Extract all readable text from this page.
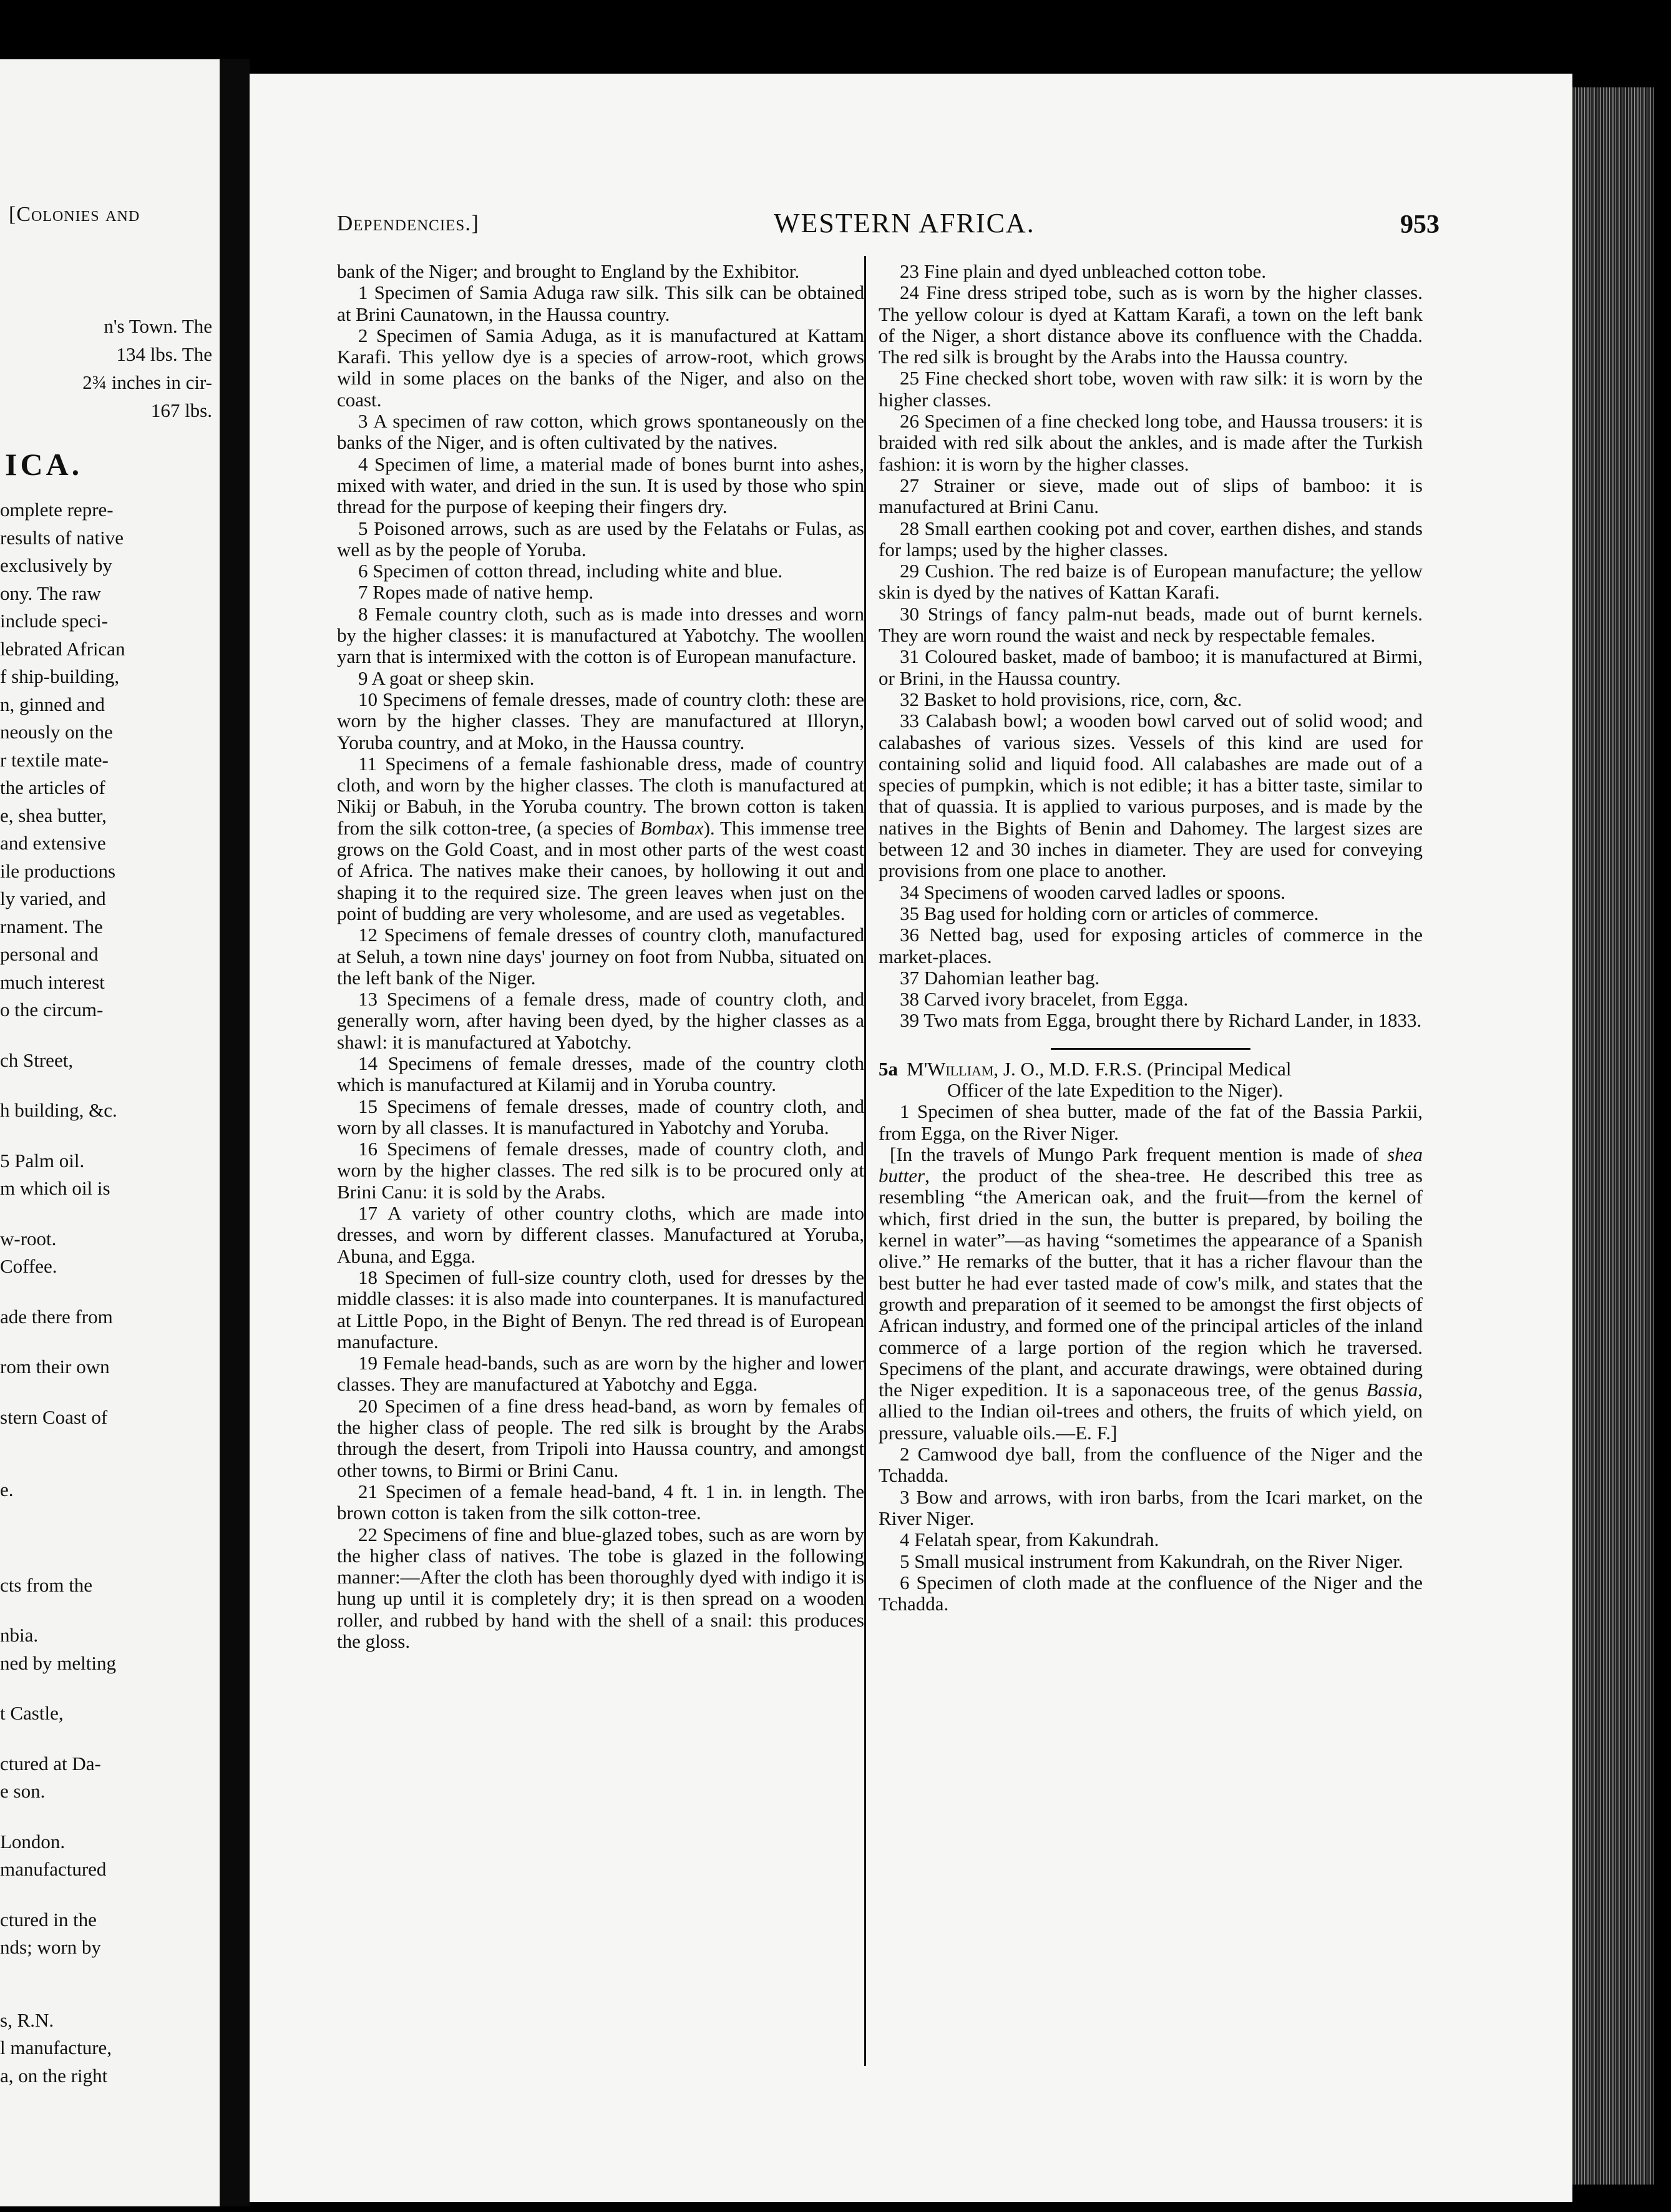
[Colonies and
n's Town. The
134 lbs. The
2¾ inches in cir-
167 lbs.
ICA.
omplete repre-
results of native
exclusively by
ony. The raw
include speci-
lebrated African
f ship-building,
n, ginned and
neously on the
r textile mate-
the articles of
e, shea butter,
and extensive
ile productions
ly varied, and
rnament. The
personal and
much interest
o the circum-
ch Street,
h building, &c.
5 Palm oil.
m which oil is
w-root.
Coffee.
ade there from
rom their own
stern Coast of
e.
cts from the
nbia.
ned by melting
t Castle,
ctured at Da-
e son.
London.
manufactured
ctured in the
nds; worn by
s, R.N.
l manufacture,
a, on the right
Dependencies.]	WESTERN AFRICA.	953

bank of the Niger; and brought to England by the Exhibitor.

1 Specimen of Samia Aduga raw silk. This silk can be obtained at Brini Caunatown, in the Haussa country.

2 Specimen of Samia Aduga, as it is manufactured at Kattam Karafi. This yellow dye is a species of arrow-root, which grows wild in some places on the banks of the Niger, and also on the coast.

3 A specimen of raw cotton, which grows spontaneously on the banks of the Niger, and is often cultivated by the natives.

4 Specimen of lime, a material made of bones burnt into ashes, mixed with water, and dried in the sun. It is used by those who spin thread for the purpose of keeping their fingers dry.

5 Poisoned arrows, such as are used by the Felatahs or Fulas, as well as by the people of Yoruba.

6 Specimen of cotton thread, including white and blue.

7 Ropes made of native hemp.

8 Female country cloth, such as is made into dresses and worn by the higher classes: it is manufactured at Yabotchy. The woollen yarn that is intermixed with the cotton is of European manufacture.

9 A goat or sheep skin.

10 Specimens of female dresses, made of country cloth: these are worn by the higher classes. They are manufactured at Illoryn, Yoruba country, and at Moko, in the Haussa country.

11 Specimens of a female fashionable dress, made of country cloth, and worn by the higher classes. The cloth is manufactured at Nikij or Babuh, in the Yoruba country. The brown cotton is taken from the silk cotton-tree, (a species of Bombax). This immense tree grows on the Gold Coast, and in most other parts of the west coast of Africa. The natives make their canoes, by hollowing it out and shaping it to the required size. The green leaves when just on the point of budding are very wholesome, and are used as vegetables.

12 Specimens of female dresses of country cloth, manufactured at Seluh, a town nine days' journey on foot from Nubba, situated on the left bank of the Niger.

13 Specimens of a female dress, made of country cloth, and generally worn, after having been dyed, by the higher classes as a shawl: it is manufactured at Yabotchy.

14 Specimens of female dresses, made of the country cloth which is manufactured at Kilamij and in Yoruba country.

15 Specimens of female dresses, made of country cloth, and worn by all classes. It is manufactured in Yabotchy and Yoruba.

16 Specimens of female dresses, made of country cloth, and worn by the higher classes. The red silk is to be procured only at Brini Canu: it is sold by the Arabs.

17 A variety of other country cloths, which are made into dresses, and worn by different classes. Manufactured at Yoruba, Abuna, and Egga.

18 Specimen of full-size country cloth, used for dresses by the middle classes: it is also made into counterpanes. It is manufactured at Little Popo, in the Bight of Benyn. The red thread is of European manufacture.

19 Female head-bands, such as are worn by the higher and lower classes. They are manufactured at Yabotchy and Egga.

20 Specimen of a fine dress head-band, as worn by females of the higher class of people. The red silk is brought by the Arabs through the desert, from Tripoli into Haussa country, and amongst other towns, to Birmi or Brini Canu.

21 Specimen of a female head-band, 4 ft. 1 in. in length. The brown cotton is taken from the silk cotton-tree.

22 Specimens of fine and blue-glazed tobes, such as are worn by the higher class of natives. The tobe is glazed in the following manner:—After the cloth has been thoroughly dyed with indigo it is hung up until it is completely dry; it is then spread on a wooden roller, and rubbed by hand with the shell of a snail: this produces the gloss.

23 Fine plain and dyed unbleached cotton tobe.

24 Fine dress striped tobe, such as is worn by the higher classes. The yellow colour is dyed at Kattam Karafi, a town on the left bank of the Niger, a short distance above its confluence with the Chadda. The red silk is brought by the Arabs into the Haussa country.

25 Fine checked short tobe, woven with raw silk: it is worn by the higher classes.

26 Specimen of a fine checked long tobe, and Haussa trousers: it is braided with red silk about the ankles, and is made after the Turkish fashion: it is worn by the higher classes.

27 Strainer or sieve, made out of slips of bamboo: it is manufactured at Brini Canu.

28 Small earthen cooking pot and cover, earthen dishes, and stands for lamps; used by the higher classes.

29 Cushion. The red baize is of European manufacture; the yellow skin is dyed by the natives of Kattan Karafi.

30 Strings of fancy palm-nut beads, made out of burnt kernels. They are worn round the waist and neck by respectable females.

31 Coloured basket, made of bamboo; it is manufactured at Birmi, or Brini, in the Haussa country.

32 Basket to hold provisions, rice, corn, &c.

33 Calabash bowl; a wooden bowl carved out of solid wood; and calabashes of various sizes. Vessels of this kind are used for containing solid and liquid food. All calabashes are made out of a species of pumpkin, which is not edible; it has a bitter taste, similar to that of quassia. It is applied to various purposes, and is made by the natives in the Bights of Benin and Dahomey. The largest sizes are between 12 and 30 inches in diameter. They are used for conveying provisions from one place to another.

34 Specimens of wooden carved ladles or spoons.

35 Bag used for holding corn or articles of commerce.

36 Netted bag, used for exposing articles of commerce in the market-places.

37 Dahomian leather bag.

38 Carved ivory bracelet, from Egga.

39 Two mats from Egga, brought there by Richard Lander, in 1833.

5a M'William, J. O., M.D. F.R.S. (Principal Medical

Officer of the late Expedition to the Niger).

1 Specimen of shea butter, made of the fat of the Bassia Parkii, from Egga, on the River Niger.

[In the travels of Mungo Park frequent mention is made of shea butter, the product of the shea-tree. He described this tree as resembling “the American oak, and the fruit—from the kernel of which, first dried in the sun, the butter is prepared, by boiling the kernel in water”—as having “sometimes the appearance of a Spanish olive.” He remarks of the butter, that it has a richer flavour than the best butter he had ever tasted made of cow's milk, and states that the growth and preparation of it seemed to be amongst the first objects of African industry, and formed one of the principal articles of the inland commerce of a large portion of the region which he traversed. Specimens of the plant, and accurate drawings, were obtained during the Niger expedition. It is a saponaceous tree, of the genus Bassia, allied to the Indian oil-trees and others, the fruits of which yield, on pressure, valuable oils.—E. F.]

2 Camwood dye ball, from the confluence of the Niger and the Tchadda.

3 Bow and arrows, with iron barbs, from the Icari market, on the River Niger.

4 Felatah spear, from Kakundrah.

5 Small musical instrument from Kakundrah, on the River Niger.

6 Specimen of cloth made at the confluence of the Niger and the Tchadda.
